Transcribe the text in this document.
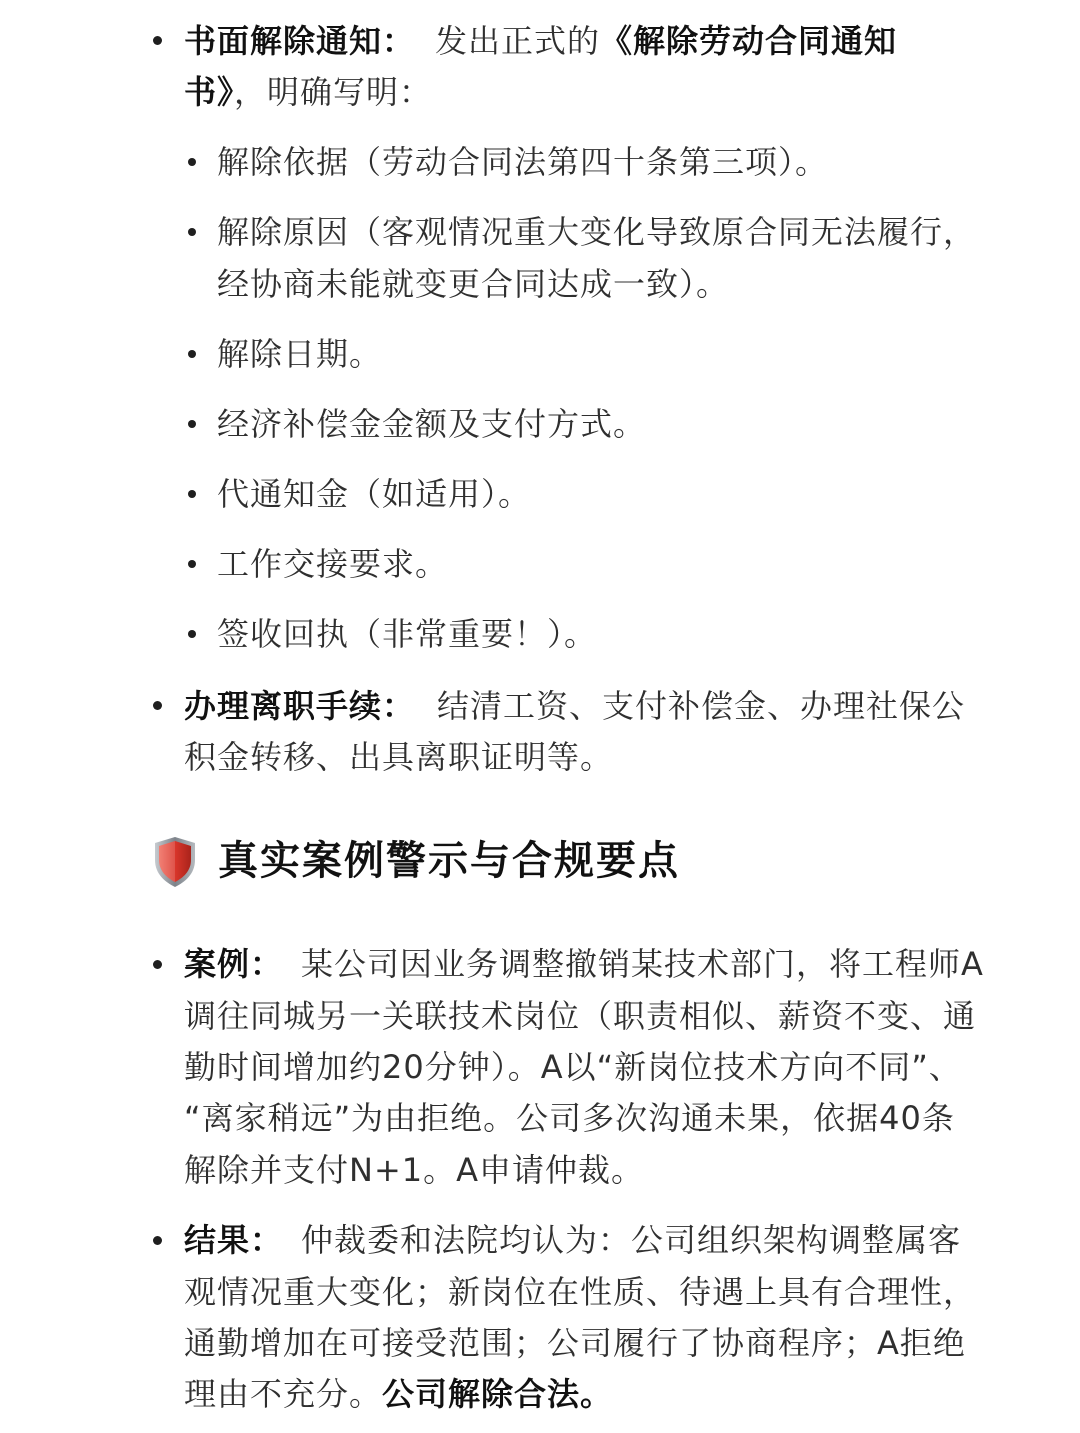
书面解除通知： 发出正式的《解除劳动合同通知
书》，明确写明：
解除依据（劳动合同法第四十条第三项）。
解除原因（客观情况重大变化导致原合同无法履行，
经协商未能就变更合同达成一致）。
解除日期。
经济补偿金金额及支付方式。
代通知金（如适用）。
工作交接要求。
签收回执（非常重要！）。
办理离职手续： 结清工资、支付补偿金、办理社保公
积金转移、出具离职证明等。
真实案例警示与合规要点
案例： 某公司因业务调整撤销某技术部门，将工程师A
调往同城另一关联技术岗位（职责相似、薪资不变、通
勤时间增加约20分钟）。A以“新岗位技术方向不同”、
“离家稍远”为由拒绝。公司多次沟通未果，依据40条
解除并支付N+1。A申请仲裁。
结果： 仲裁委和法院均认为：公司组织架构调整属客
观情况重大变化；新岗位在性质、待遇上具有合理性，
通勤增加在可接受范围；公司履行了协商程序；A拒绝
理由不充分。公司解除合法。
